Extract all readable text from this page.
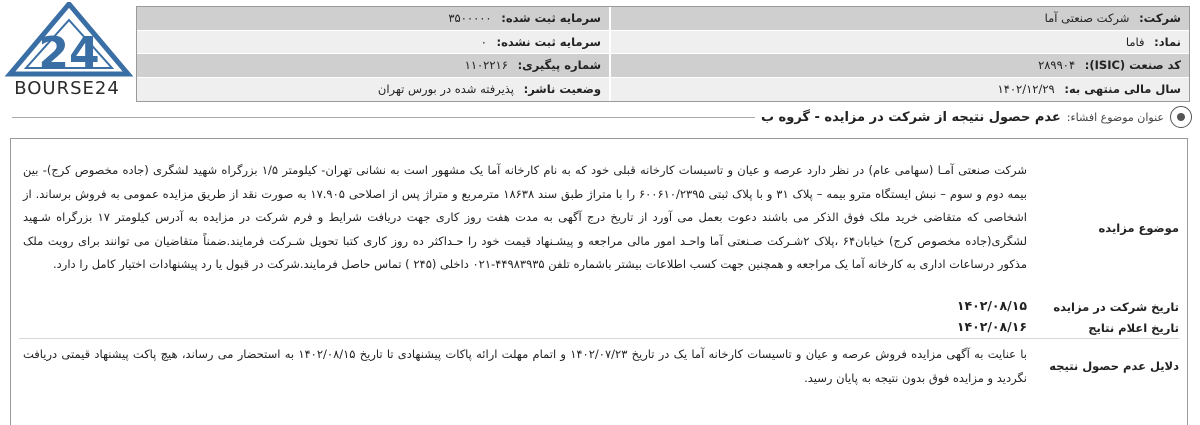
24
BOURSE24
شرکت: شرکت صنعتی آما
سرمایه ثبت شده: ۳۵۰۰۰۰۰
نماد: فاما
سرمایه ثبت نشده: ۰
کد صنعت (ISIC): ۲۸۹۹۰۴
شماره پیگیری: ۱۱۰۲۲۱۶
سال مالی منتهی به: ۱۴۰۲/۱۲/۲۹
وضعیت ناشر: پذیرفته شده در بورس تهران
عنوان موضوع افشاء:
عدم حصول نتیجه از شرکت در مزایده - گروه ب
موضوع مزایده
شرکت صنعتی آمـا (سهامی عام) در نظر دارد عرصه و عیان و تاسیسات کارخانه قبلی خود که به نام کارخانه آما یک مشهور است به نشانی تهران- کیلومتر ۱/۵ بزرگراه شهید لشگری (جاده مخصوص کرج)- بین بیمه دوم و سوم – نبش ایستگاه مترو بیمه – پلاک ۳۱ و با پلاک ثبتی ۶۰۰۶۱۰/۲۳۹۵ را با متراژ طبق سند ۱۸۶۳۸ مترمربع و متراژ پس از اصلاحی ۱۷.۹۰۵ به صورت نقد از طریق مزایده عمومی به فروش برساند. از اشخاصی که متقاضی خرید ملک فوق الذکر می باشند دعوت بعمل می آورد از تاریخ درج آگهی به مدت هفت روز کاری جهت دریافت شرایط و فرم شرکت در مزایده به آدرس کیلومتر ۱۷ بزرگراه شـهید لشگری(جاده مخصوص کرج) خیابان۶۴ ،پلاک ۲شـرکت صـنعتی آما واحـد امور مالی مراجعه و پیشـنهاد قیمت خود را حـداکثر ده روز کاری کتبا تحویل شـرکت فرمایند.ضمناً متقاضیان می توانند برای رویت ملک مذکور درساعات اداری به کارخانه آما یک مراجعه و همچنین جهت کسب اطلاعات بیشتر باشماره تلفن ۴۴۹۸۳۹۳۵-۰۲۱ داخلی (۲۴۵ ) تماس حاصل فرمایند.شرکت در قبول یا رد پیشنهادات اختیار کامل را دارد.
تاریخ شرکت در مزایده
۱۴۰۲/۰۸/۱۵
تاریخ اعلام نتایج
۱۴۰۲/۰۸/۱۶
دلایل عدم حصول نتیجه
با عنایت به آگهی مزایده فروش عرصه و عیان و تاسیسات کارخانه آما یک در تاریخ ۱۴۰۲/۰۷/۲۳ و اتمام مهلت ارائه پاکات پیشنهادی تا تاریخ ۱۴۰۲/۰۸/۱۵ به استحضار می رساند، هیچ پاکت پیشنهاد قیمتی دریافت نگردید و مزایده فوق بدون نتیجه به پایان رسید.
